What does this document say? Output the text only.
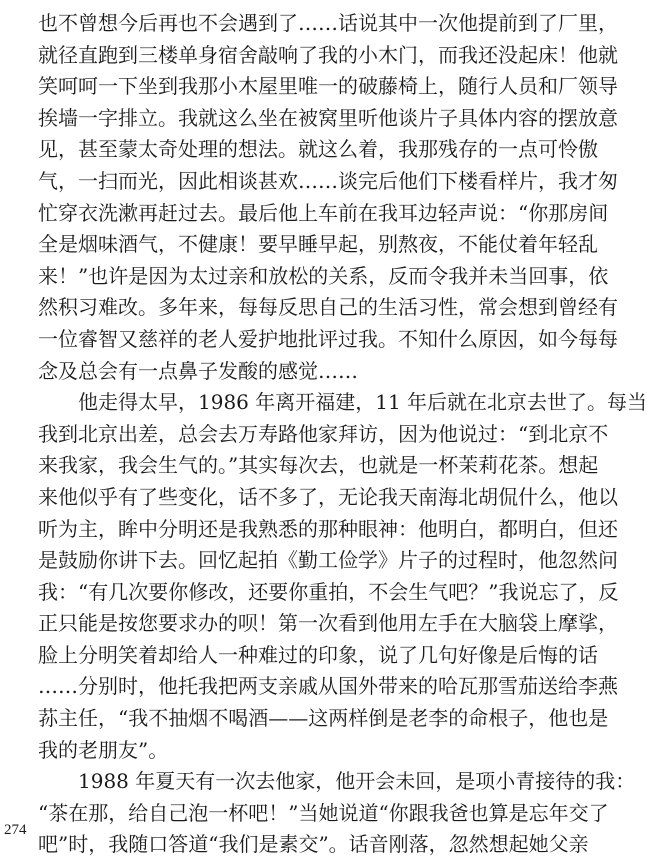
也不曾想今后再也不会遇到了……话说其中一次他提前到了厂里，
就径直跑到三楼单身宿舍敲响了我的小木门，而我还没起床！他就
笑呵呵一下坐到我那小木屋里唯一的破藤椅上，随行人员和厂领导
挨墙一字排立。我就这么坐在被窝里听他谈片子具体内容的摆放意
见，甚至蒙太奇处理的想法。就这么着，我那残存的一点可怜傲
气，一扫而光，因此相谈甚欢……谈完后他们下楼看样片，我才匆
忙穿衣洗漱再赶过去。最后他上车前在我耳边轻声说：“你那房间
全是烟味酒气，不健康！要早睡早起，别熬夜，不能仗着年轻乱
来！”也许是因为太过亲和放松的关系，反而令我并未当回事，依
然积习难改。多年来，每每反思自己的生活习性，常会想到曾经有
一位睿智又慈祥的老人爱护地批评过我。不知什么原因，如今每每
念及总会有一点鼻子发酸的感觉……
他走得太早，1986 年离开福建，11 年后就在北京去世了。每当
我到北京出差，总会去万寿路他家拜访，因为他说过：“到北京不
来我家，我会生气的。”其实每次去，也就是一杯茉莉花茶。想起
来他似乎有了些变化，话不多了，无论我天南海北胡侃什么，他以
听为主，眸中分明还是我熟悉的那种眼神：他明白，都明白，但还
是鼓励你讲下去。回忆起拍《勤工俭学》片子的过程时，他忽然问
我：“有几次要你修改，还要你重拍，不会生气吧？”我说忘了，反
正只能是按您要求办的呗！第一次看到他用左手在大脑袋上摩挲，
脸上分明笑着却给人一种难过的印象，说了几句好像是后悔的话
……分别时，他托我把两支亲戚从国外带来的哈瓦那雪茄送给李燕
荪主任，“我不抽烟不喝酒——这两样倒是老李的命根子，他也是
我的老朋友”。
1988 年夏天有一次去他家，他开会未回，是项小青接待的我：
“茶在那，给自己泡一杯吧！”当她说道“你跟我爸也算是忘年交了
吧”时，我随口答道“我们是素交”。话音刚落，忽然想起她父亲
274
